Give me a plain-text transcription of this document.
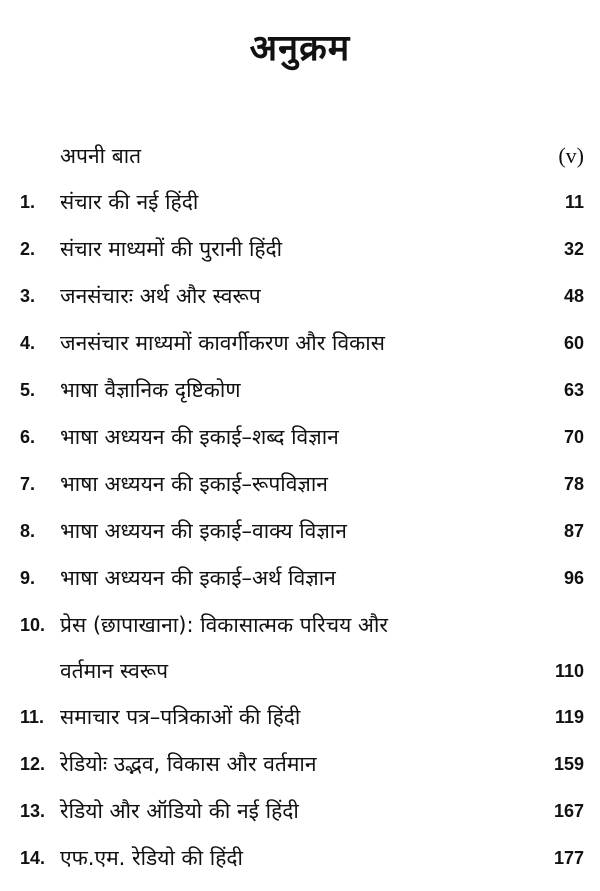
अनुक्रम
अपनी बात	(v)
1. संचार की नई हिंदी	11
2. संचार माध्यमों की पुरानी हिंदी	32
3. जनसंचारः अर्थ और स्वरूप	48
4. जनसंचार माध्यमों कावर्गीकरण और विकास	60
5. भाषा वैज्ञानिक दृष्टिकोण	63
6. भाषा अध्ययन की इकाई–शब्द विज्ञान	70
7. भाषा अध्ययन की इकाई–रूपविज्ञान	78
8. भाषा अध्ययन की इकाई–वाक्य विज्ञान	87
9. भाषा अध्ययन की इकाई–अर्थ विज्ञान	96
10. प्रेस (छापाखाना): विकासात्मक परिचय और
वर्तमान स्वरूप	110
11. समाचार पत्र–पत्रिकाओं की हिंदी	119
12. रेडियोः उद्भव, विकास और वर्तमान	159
13. रेडियो और ऑडियो की नई हिंदी	167
14. एफ.एम. रेडियो की हिंदी	177
